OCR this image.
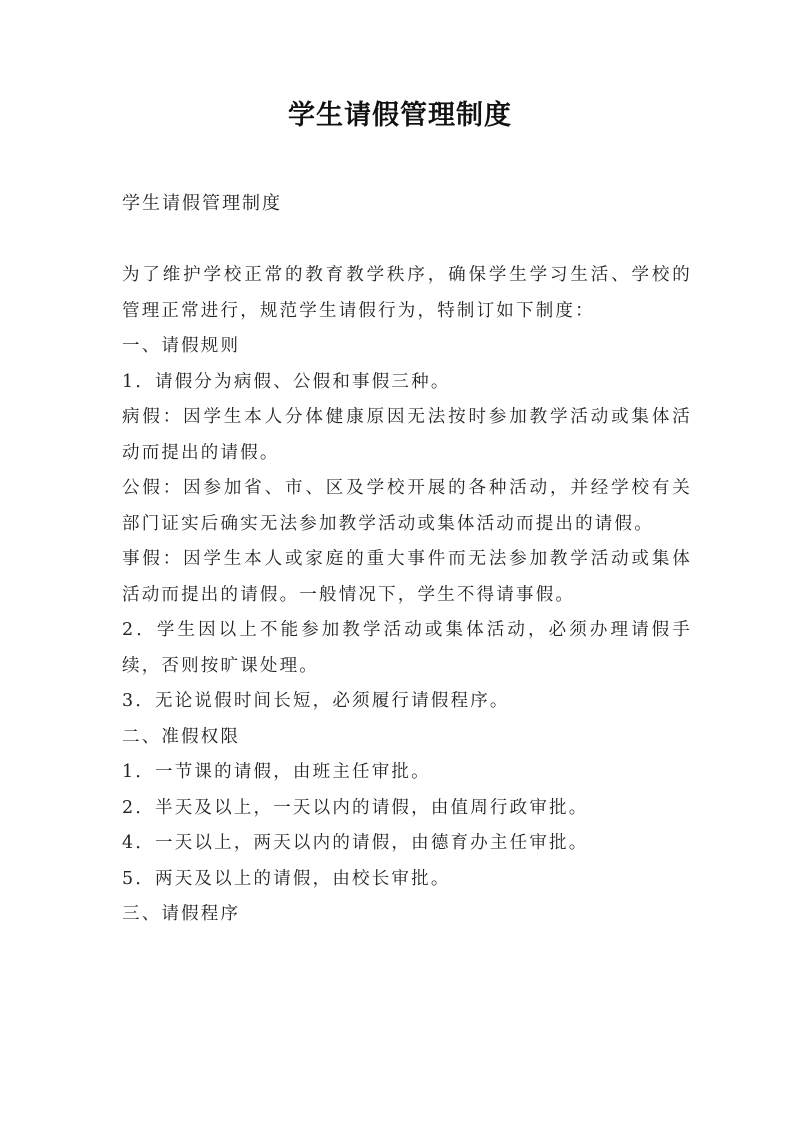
学生请假管理制度

学生请假管理制度

为了维护学校正常的教育教学秩序，确保学生学习生活、学校的管理正常进行，规范学生请假行为，特制订如下制度：

一、请假规则

1．请假分为病假、公假和事假三种。

病假：因学生本人分体健康原因无法按时参加教学活动或集体活动而提出的请假。

公假：因参加省、市、区及学校开展的各种活动，并经学校有关部门证实后确实无法参加教学活动或集体活动而提出的请假。

事假：因学生本人或家庭的重大事件而无法参加教学活动或集体活动而提出的请假。一般情况下，学生不得请事假。

2．学生因以上不能参加教学活动或集体活动，必须办理请假手续，否则按旷课处理。

3．无论说假时间长短，必须履行请假程序。

二、准假权限

1．一节课的请假，由班主任审批。

2．半天及以上，一天以内的请假，由值周行政审批。

4．一天以上，两天以内的请假，由德育办主任审批。

5．两天及以上的请假，由校长审批。

三、请假程序
